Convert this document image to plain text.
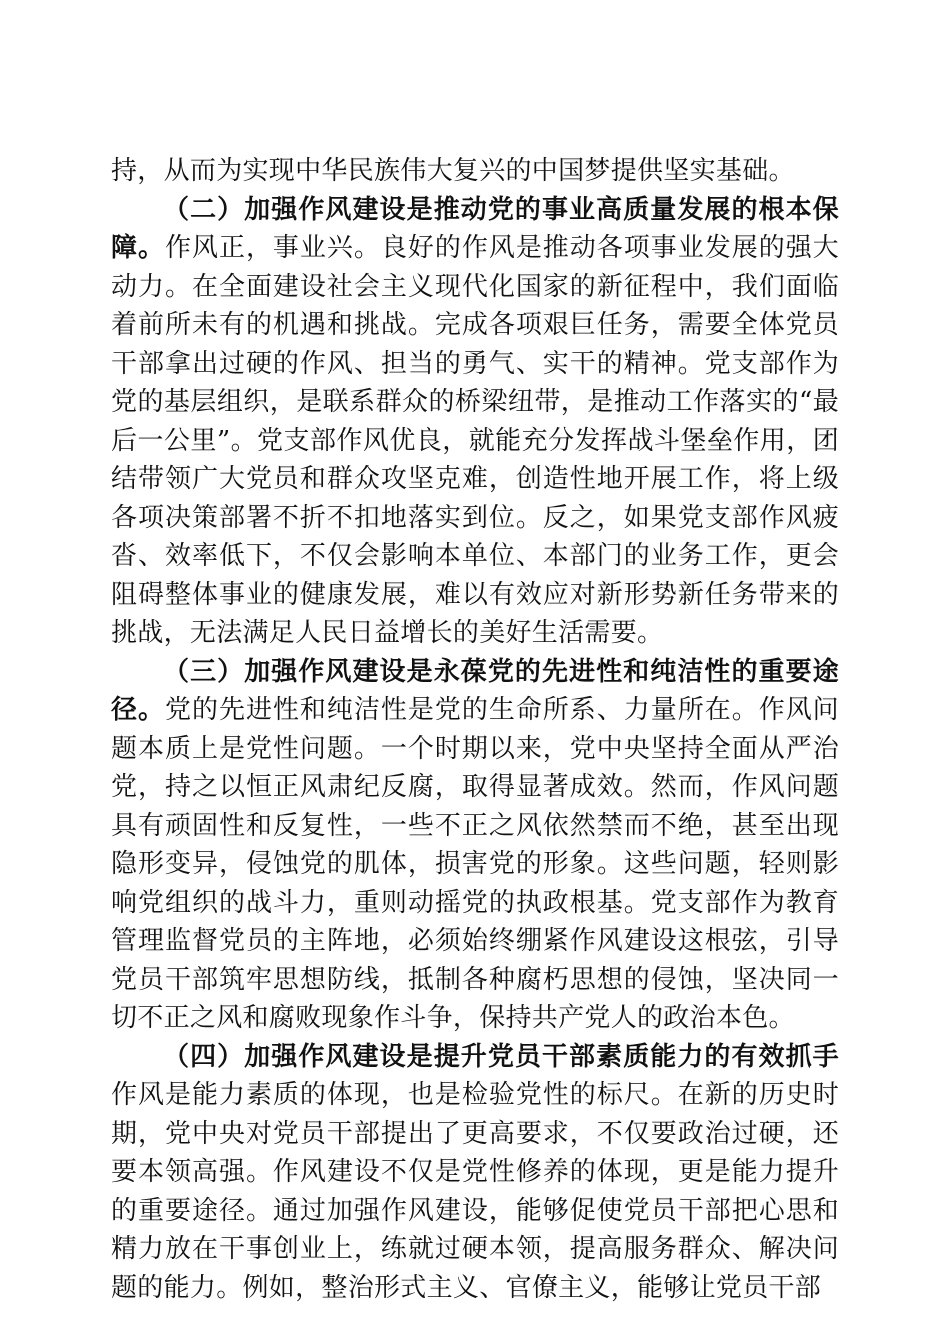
持，从而为实现中华民族伟大复兴的中国梦提供坚实基础。

（二）加强作风建设是推动党的事业高质量发展的根本保障。作风正，事业兴。良好的作风是推动各项事业发展的强大动力。在全面建设社会主义现代化国家的新征程中，我们面临着前所未有的机遇和挑战。完成各项艰巨任务，需要全体党员干部拿出过硬的作风、担当的勇气、实干的精神。党支部作为党的基层组织，是联系群众的桥梁纽带，是推动工作落实的“最后一公里”。党支部作风优良，就能充分发挥战斗堡垒作用，团结带领广大党员和群众攻坚克难，创造性地开展工作，将上级各项决策部署不折不扣地落实到位。反之，如果党支部作风疲沓、效率低下，不仅会影响本单位、本部门的业务工作，更会阻碍整体事业的健康发展，难以有效应对新形势新任务带来的挑战，无法满足人民日益增长的美好生活需要。

（三）加强作风建设是永葆党的先进性和纯洁性的重要途径。党的先进性和纯洁性是党的生命所系、力量所在。作风问题本质上是党性问题。一个时期以来，党中央坚持全面从严治党，持之以恒正风肃纪反腐，取得显著成效。然而，作风问题具有顽固性和反复性，一些不正之风依然禁而不绝，甚至出现隐形变异，侵蚀党的肌体，损害党的形象。这些问题，轻则影响党组织的战斗力，重则动摇党的执政根基。党支部作为教育管理监督党员的主阵地，必须始终绷紧作风建设这根弦，引导党员干部筑牢思想防线，抵制各种腐朽思想的侵蚀，坚决同一切不正之风和腐败现象作斗争，保持共产党人的政治本色。

（四）加强作风建设是提升党员干部素质能力的有效抓手作风是能力素质的体现，也是检验党性的标尺。在新的历史时期，党中央对党员干部提出了更高要求，不仅要政治过硬，还要本领高强。作风建设不仅是党性修养的体现，更是能力提升的重要途径。通过加强作风建设，能够促使党员干部把心思和精力放在干事创业上，练就过硬本领，提高服务群众、解决问题的能力。例如，整治形式主义、官僚主义，能够让党员干部
